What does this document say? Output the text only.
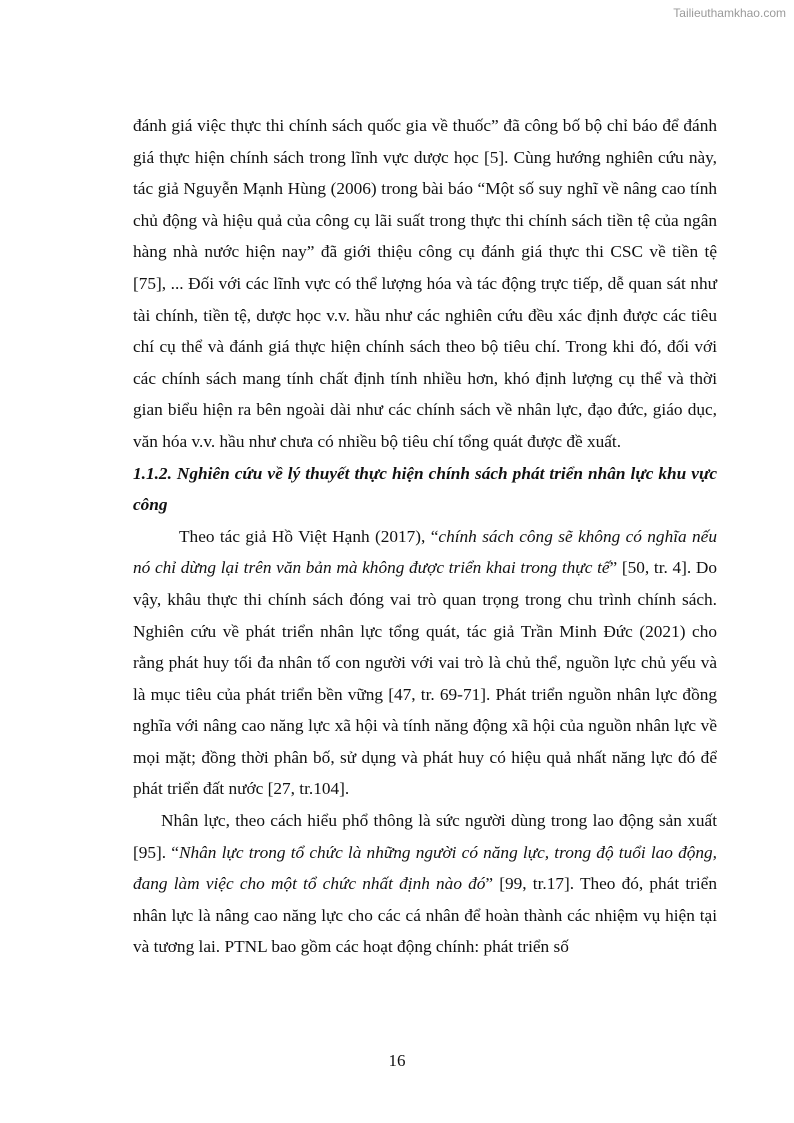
Tailieuthamkhao.com

đánh giá việc thực thi chính sách quốc gia về thuốc” đã công bố bộ chỉ báo để đánh giá thực hiện chính sách trong lĩnh vực dược học [5]. Cùng hướng nghiên cứu này, tác giả Nguyễn Mạnh Hùng (2006) trong bài báo “Một số suy nghĩ về nâng cao tính chủ động và hiệu quả của công cụ lãi suất trong thực thi chính sách tiền tệ của ngân hàng nhà nước hiện nay” đã giới thiệu công cụ đánh giá thực thi CSC về tiền tệ [75], ... Đối với các lĩnh vực có thể lượng hóa và tác động trực tiếp, dễ quan sát như tài chính, tiền tệ, dược học v.v. hầu như các nghiên cứu đều xác định được các tiêu chí cụ thể và đánh giá thực hiện chính sách theo bộ tiêu chí. Trong khi đó, đối với các chính sách mang tính chất định tính nhiều hơn, khó định lượng cụ thể và thời gian biểu hiện ra bên ngoài dài như các chính sách về nhân lực, đạo đức, giáo dục, văn hóa v.v. hầu như chưa có nhiều bộ tiêu chí tổng quát được đề xuất.

1.1.2. Nghiên cứu về lý thuyết thực hiện chính sách phát triển nhân lực khu vực công

Theo tác giả Hồ Việt Hạnh (2017), “chính sách công sẽ không có nghĩa nếu nó chỉ dừng lại trên văn bản mà không được triển khai trong thực tế” [50, tr. 4]. Do vậy, khâu thực thi chính sách đóng vai trò quan trọng trong chu trình chính sách. Nghiên cứu về phát triển nhân lực tổng quát, tác giả Trần Minh Đức (2021) cho rằng phát huy tối đa nhân tố con người với vai trò là chủ thể, nguồn lực chủ yếu và là mục tiêu của phát triển bền vững [47, tr. 69-71]. Phát triển nguồn nhân lực đồng nghĩa với nâng cao năng lực xã hội và tính năng động xã hội của nguồn nhân lực về mọi mặt; đồng thời phân bố, sử dụng và phát huy có hiệu quả nhất năng lực đó để phát triển đất nước [27, tr.104].

Nhân lực, theo cách hiểu phổ thông là sức người dùng trong lao động sản xuất [95]. “Nhân lực trong tổ chức là những người có năng lực, trong độ tuổi lao động, đang làm việc cho một tổ chức nhất định nào đó” [99, tr.17]. Theo đó, phát triển nhân lực là nâng cao năng lực cho các cá nhân để hoàn thành các nhiệm vụ hiện tại và tương lai. PTNL bao gồm các hoạt động chính: phát triển số

16
